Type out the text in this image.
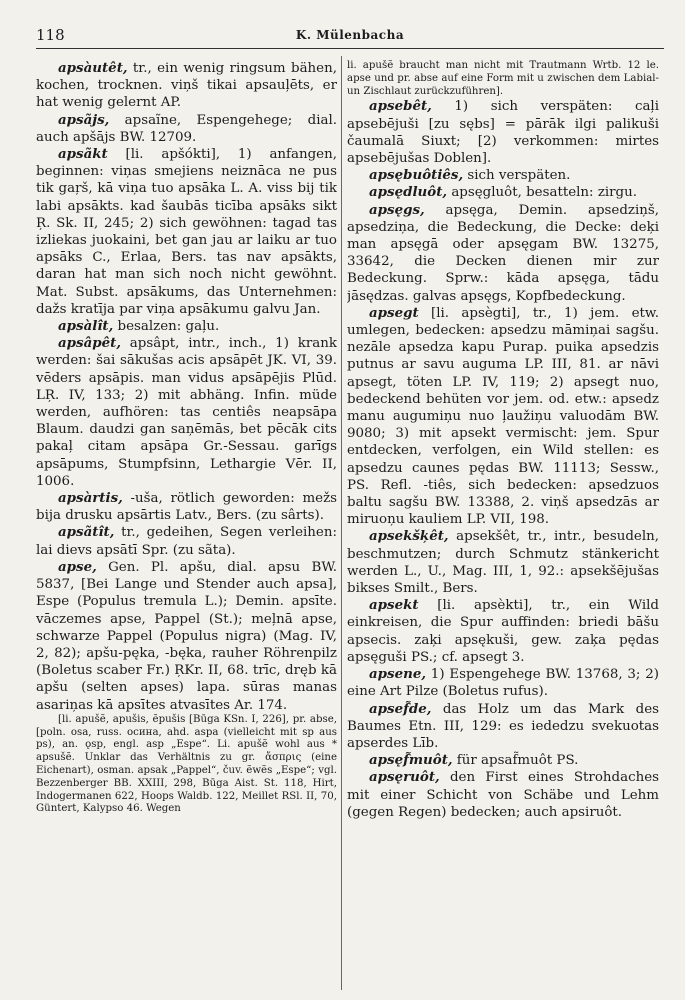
118	K. Mülenbacha

apsàutêt, tr., ein wenig ringsum bähen, kochen, trocknen. viņš tikai apsauļēts, er hat wenig gelernt AP.

apsãjs, apsaĩne, Espengehege; dial. auch apšājs BW. 12709.

apsãkt [li. apšókti], 1) anfangen, beginnen: viņas smejiens neiznāca ne pus tik gaŗš, kā viņa tuo apsāka L. A. viss bij tik labi apsākts. kad šaubās ticība apsāks sikt R̦. Sk. II, 245; 2) sich gewöhnen: tagad tas izliekas juokaini, bet gan jau ar laiku ar tuo apsāks C., Erlaa, Bers. tas nav apsākts, daran hat man sich noch nicht gewöhnt. Mat. Subst. apsākums, das Unternehmen: dažs kratīja par viņa apsākumu galvu Jan.

apsàlît, besalzen: gaļu.

apsâpêt, apsâpt, intr., inch., 1) krank werden: šai sākušas acis apsāpēt JK. VI, 39. vēders apsāpis. man vidus apsāpējis Plūd. LR̦. IV, 133; 2) mit abhäng. Infin. müde werden, aufhören: tas centiês neapsāpa Blaum. daudzi gan saņēmās, bet pēcāk cits pakaļ citam apsāpa Gr.-Sessau. garīgs apsāpums, Stumpfsinn, Lethargie Vēr. II, 1006.

apsàrtis, -uša, rötlich geworden: mežs bija drusku apsārtis Latv., Bers. (zu sârts).

apsãtît, tr., gedeihen, Segen verleihen: lai dievs apsātī Spr. (zu sãta).

apse, Gen. Pl. apšu, dial. apsu BW. 5837, [Bei Lange und Stender auch apsa], Espe (Populus tremula L.); Demin. apsīte. vāczemes apse, Pappel (St.); meļnā apse, schwarze Pappel (Populus nigra) (Mag. IV, 2, 82); apšu-pęka, -bęka, rauher Röhrenpilz (Boletus scaber Fr.) R̦Kr. II, 68. trīc, dręb kā apšu (selten apses) lapa. sūras manas asariņas kā apsītes atvasītes Ar. 174.

[li. apušẽ, apušis, ẽpušis [Būga KSn. I, 226], pr. abse, [poln. osa, russ. осина, ahd. aspa (vielleicht mit sp aus ps), an. ǫsp, engl. asp „Espe“. Li. apušẽ wohl aus * apsušẽ. Unklar das Verhältnis zu gr. ἄσπρις (eine Eichenart), osman. apsak „Pappel“, čuv. ẽwẽs „Espe“; vgl. Bezzenberger BB. XXIII, 298, Būga Aist. St. 118, Hirt, Indogermanen 622, Hoops Waldb. 122, Meillet RSl. II, 70, Güntert, Kalypso 46. Wegen

li. apušẽ braucht man nicht mit Trautmann Wrtb. 12 le. apse und pr. abse auf eine Form mit u zwischen dem Labial- un Zischlaut zurückzuführen].

apsebêt, 1) sich verspäten: caļi apsebējuši [zu sębs] = pārāk ilgi palikuši čaumalā Siuxt; [2) verkommen: mirtes apsebējušas Doblen].

apsębuôtiês, sich verspäten.

apsędluôt, apsęgluôt, besatteln: zirgu.

apsęgs, apsęga, Demin. apsedziņš, apsedziņa, die Bedeckung, die Decke: deķi man apsęgā oder apsęgam BW. 13275, 33642, die Decken dienen mir zur Bedeckung. Sprw.: kāda apsęga, tādu jāsędzas. galvas apsęgs, Kopfbedeckung.

apsegt [li. apsègti], tr., 1) jem. etw. umlegen, bedecken: apsedzu māmiņai sagšu. nezāle apsedza kapu Purap. puika apsedzis putnus ar savu auguma LP. III, 81. ar nāvi apsegt, töten LP. IV, 119; 2) apsegt nuo, bedeckend behüten vor jem. od. etw.: apsedz manu augumiņu nuo ļaužiņu valuodām BW. 9080; 3) mit apsekt vermischt: jem. Spur entdecken, verfolgen, ein Wild stellen: es apsedzu caunes pędas BW. 11113; Sessw., PS. Refl. -tiês, sich bedecken: apsedzuos baltu sagšu BW. 13388, 2. viņš apsedzās ar miruoņu kauliem LP. VII, 198.

apsekšķêt, apsekšêt, tr., intr., besudeln, beschmutzen; durch Schmutz stänkericht werden L., U., Mag. III, 1, 92.: apsekšējušas bikses Smilt., Bers.

apsekt [li. apsèkti], tr., ein Wild einkreisen, die Spur auffinden: briedi bāšu apsecis. zaķi apsękuši, gew. zaķa pędas apsęguši PS.; cf. apsegt 3.

apsene, 1) Espengehege BW. 13768, 3; 2) eine Art Pilze (Boletus rufus).

apsef̃de, das Holz um das Mark des Baumes Etn. III, 129: es iededzu svekuotas apserdes Līb.

apsęf̃muôt, für apsaf̃muôt PS.

apsęruôt, den First eines Strohdaches mit einer Schicht von Schäbe und Lehm (gegen Regen) bedecken; auch apsiruôt.
